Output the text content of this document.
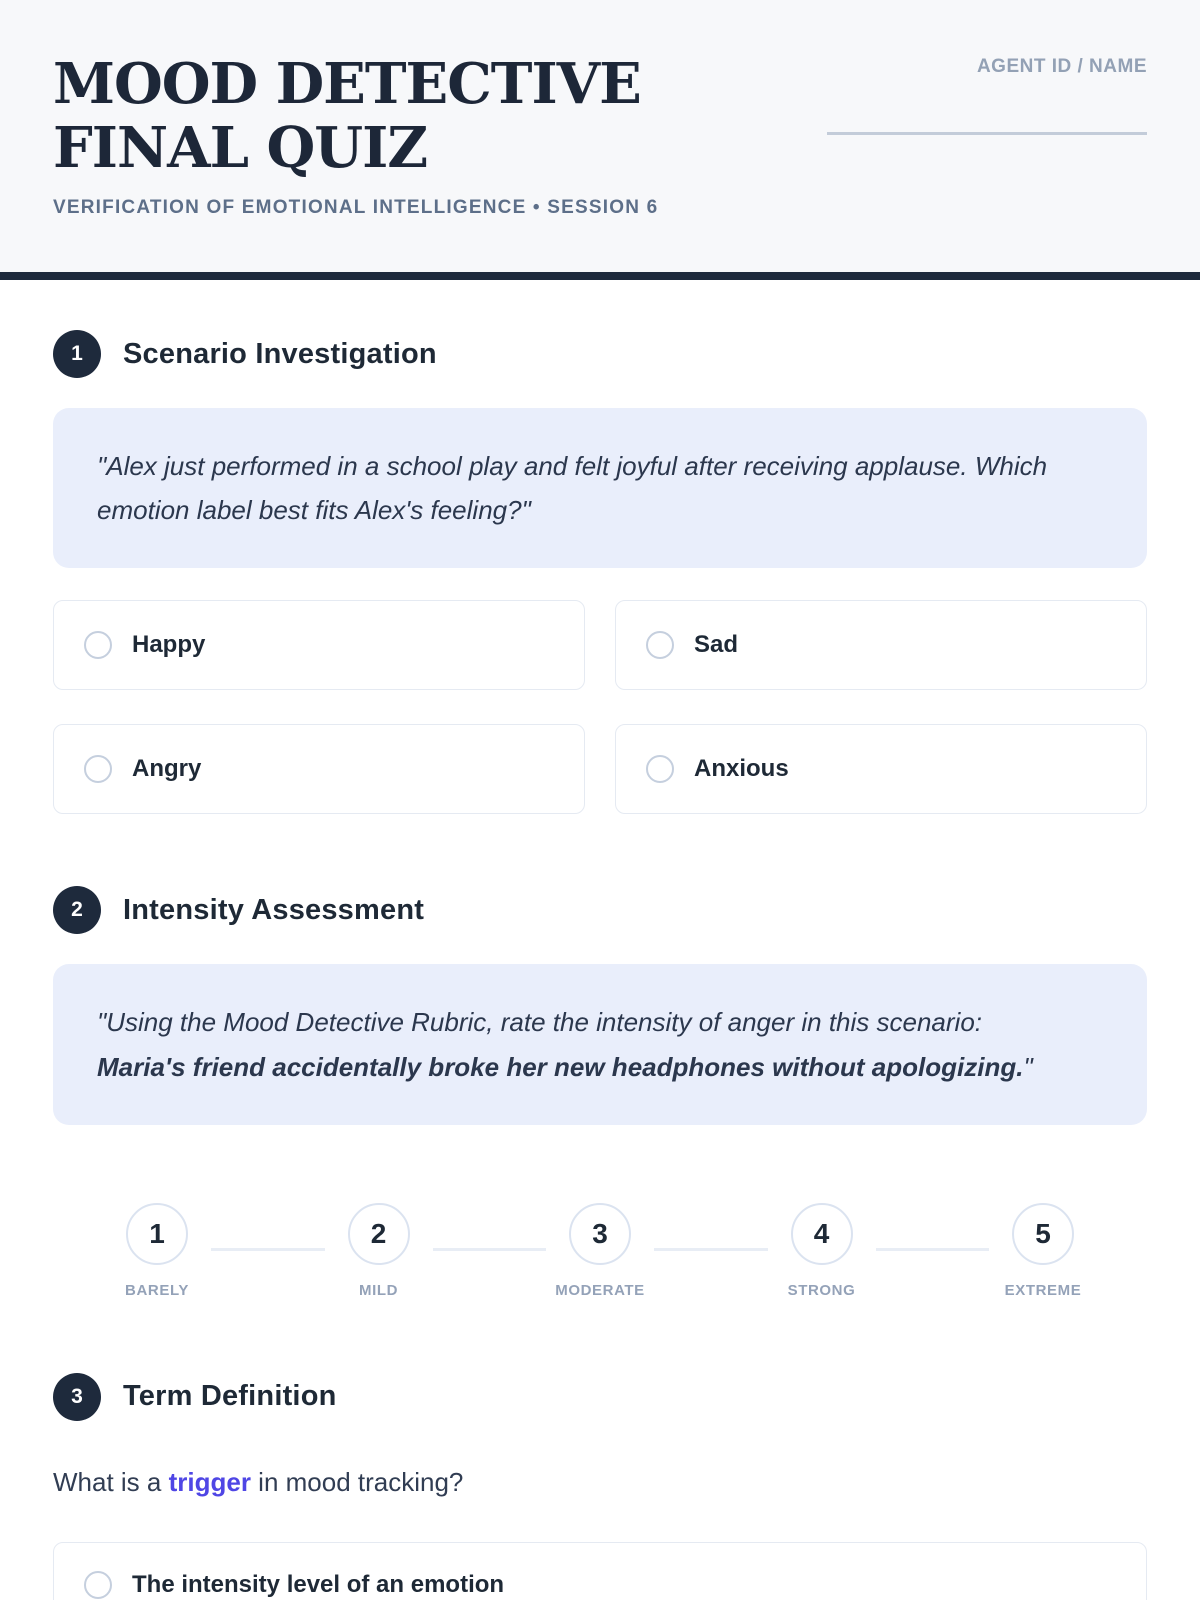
MOOD DETECTIVE FINAL QUIZ
VERIFICATION OF EMOTIONAL INTELLIGENCE • SESSION 6
AGENT ID / NAME
1	Scenario Investigation
"Alex just performed in a school play and felt joyful after receiving applause. Which emotion label best fits Alex's feeling?"
Happy	Sad
Angry	Anxious
2	Intensity Assessment
"Using the Mood Detective Rubric, rate the intensity of anger in this scenario: Maria's friend accidentally broke her new headphones without apologizing."
1
BARELY
2
MILD
3
MODERATE
4
STRONG
5
EXTREME
3	Term Definition
What is a trigger in mood tracking?
The intensity level of an emotion
